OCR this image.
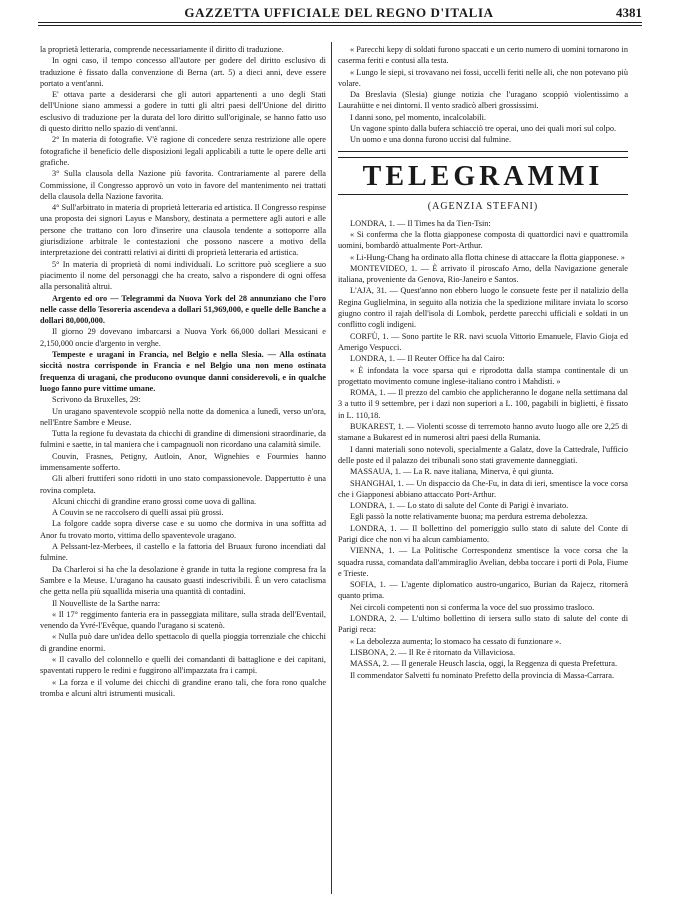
GAZZETTA UFFICIALE DEL REGNO D'ITALIA	4381

la proprietà letteraria, comprende necessariamente il diritto di traduzione.

In ogni caso, il tempo concesso all'autore per godere del diritto esclusivo di traduzione è fissato dalla convenzione di Berna (art. 5) a dieci anni, deve essere portato a vent'anni.

E' ottava parte a desiderarsi che gli autori appartenenti a uno degli Stati dell'Unione siano ammessi a godere in tutti gli altri paesi dell'Unione del diritto esclusivo di traduzione per la durata del loro diritto sull'originale, se hanno fatto uso di questo diritto nello spazio di vent'anni.

2° In materia di fotografie. V'è ragione di concedere senza restrizione alle opere fotografiche il beneficio delle disposizioni legali applicabili a tutte le opere delle arti grafiche.

3° Sulla clausola della Nazione più favorita. Contrariamente al parere della Commissione, il Congresso approvò un voto in favore del mantenimento nei trattati della clausola della Nazione favorita.

4° Sull'arbitrato in materia di proprietà letteraria ed artistica. Il Congresso respinse una proposta dei signori Layus e Mansbory, destinata a permettere agli autori e alle persone che trattano con loro d'inserire una clausola tendente a sottoporre alla giurisdizione arbitrale le contestazioni che possono nascere a motivo della interpretazione dei contratti relativi ai diritti di proprietà letteraria ed artistica.

5° In materia di proprietà di nomi individuali. Lo scrittore può scegliere a suo piacimento il nome del personaggi che ha creato, salvo a rispondere di ogni offesa alla personalità altrui.

Argento ed oro — Telegrammi da Nuova York del 28 annunziano che l'oro nelle casse dello Tesoreria ascendeva a dollari 51,969,000, e quelle delle Banche a dollari 80,000,000.

Il giorno 29 dovevano imbarcarsi a Nuova York 66,000 dollari Messicani e 2,150,000 oncie d'argento in verghe.

Tempeste e uragani in Francia, nel Belgio e nella Slesia. — Alla ostinata siccità nostra corrisponde in Francia e nel Belgio una non meno ostinata frequenza di uragani, che producono ovunque danni considerevoli, e in qualche luogo fanno pure vittime umane.

Scrivono da Bruxelles, 29:

Un uragano spaventevole scoppiò nella notte da domenica a lunedì, verso un'ora, nell'Entre Sambre e Meuse.

Tutta la regione fu devastata da chicchi di grandine di dimensioni straordinarie, da fulmini e saette, in tal maniera che i campagnuoli non ricordano una calamità simile.

Couvin, Frasnes, Petigny, Autloin, Anor, Wignehies e Fourmies hanno immensamente sofferto.

Gli alberi fruttiferi sono ridotti in uno stato compassionevole. Dappertutto è una rovina completa.

Alcuni chicchi di grandine erano grossi come uova di gallina.

A Couvin se ne raccolsero di quelli assai più grossi.

La folgore cadde sopra diverse case e su uomo che dormiva in una soffitta ad Anor fu trovato morto, vittima dello spaventevole uragano.

A Pelssant-lez-Merbees, il castello e la fattoria del Bruaux furono incendiati dal fulmine.

Da Charleroi si ha che la desolazione è grande in tutta la regione compresa fra la Sambre e la Meuse. L'uragano ha causato guasti indescrivibili. È un vero cataclisma che getta nella più squallida miseria una quantità di contadini.

Il Nouvelliste de la Sarthe narra:

« Il 17° reggimento fanteria era in passeggiata militare, sulla strada dell'Eventail, venendo da Yvré-l'Evêque, quando l'uragano si scatenò.

« Nulla può dare un'idea dello spettacolo di quella pioggia torrenziale che chicchi di grandine enormi.

« Il cavallo del colonnello e quelli dei comandanti di battaglione e dei capitani, spaventati ruppero le redini e fuggirono all'impazzata fra i campi.

« La forza e il volume dei chicchi di grandine erano tali, che fora rono qualche tromba e alcuni altri istrumenti musicali.

« Parecchi kepy di soldati furono spaccati e un certo numero di uomini tornarono in caserma feriti e contusi alla testa.

« Lungo le siepi, si trovavano nei fossi, uccelli feriti nelle ali, che non potevano più volare.

Da Breslavia (Slesia) giunge notizia che l'uragano scoppiò violentissimo a Laurahütte e nei dintorni. Il vento sradicò alberi grossissimi.

I danni sono, pel momento, incalcolabili.

Un vagone spinto dalla bufera schiacciò tre operai, uno dei quali morì sul colpo.

Un uomo e una donna furono uccisi dal fulmine.

TELEGRAMMI
(AGENZIA STEFANI)

LONDRA, 1. — Il Times ha da Tien-Tsin:

« Si conferma che la flotta giapponese composta di quattordici navi e quattromila uomini, bombardò attualmente Port-Arthur.

« Li-Hung-Chang ha ordinato alla flotta chinese di attaccare la flotta giapponese. »

MONTEVIDEO, 1. — È arrivato il piroscafo Arno, della Navigazione generale italiana, proveniente da Genova, Rio-Janeiro e Santos.

L'AJA, 31. — Quest'anno non ebbero luogo le consuete feste per il natalizio della Regina Guglielmina, in seguito alla notizia che la spedizione militare inviata lo scorso giugno contro il rajah dell'isola di Lombok, perdette parecchi ufficiali e soldati in un conflitto cogli indigeni.

CORFÙ, 1. — Sono partite le RR. navi scuola Vittorio Emanuele, Flavio Gioja ed Amerigo Vespucci.

LONDRA, 1. — Il Reuter Office ha dal Cairo:

« È infondata la voce sparsa qui e riprodotta dalla stampa continentale di un progettato movimento comune inglese-italiano contro i Mahdisti. »

ROMA, 1. — Il prezzo del cambio che applicheranno le dogane nella settimana dal 3 a tutto il 9 settembre, per i dazi non superiori a L. 100, pagabili in biglietti, è fissato in L. 110,18.

BUKAREST, 1. — Violenti scosse di terremoto hanno avuto luogo alle ore 2,25 di stamane a Bukarest ed in numerosi altri paesi della Rumania.

I danni materiali sono notevoli, specialmente a Galatz, dove la Cattedrale, l'ufficio delle poste ed il palazzo dei tribunali sono stati gravemente danneggiati.

MASSAUA, 1. — La R. nave italiana, Minerva, è qui giunta.

SHANGHAI, 1. — Un dispaccio da Che-Fu, in data di ieri, smentisce la voce corsa che i Giapponesi abbiano attaccato Port-Arthur.

LONDRA, 1. — Lo stato di salute del Conte di Parigi è invariato.

Egli passò la notte relativamente buona; ma perdura estrema debolezza.

LONDRA, 1. — Il bollettino del pomeriggio sullo stato di salute del Conte di Parigi dice che non vi ha alcun cambiamento.

VIENNA, 1. — La Politische Correspondenz smentisce la voce corsa che la squadra russa, comandata dall'ammiraglio Avelian, debba toccare i porti di Pola, Fiume e Trieste.

SOFIA, 1. — L'agente diplomatico austro-ungarico, Burian da Rajecz, ritornerà quanto prima.

Nei circoli competenti non si conferma la voce del suo prossimo traslocо.

LONDRA, 2. — L'ultimo bollettino di iersera sullo stato di salute del conte di Parigi reca:

« La debolezza aumenta; lo stomaco ha cessato di funzionare ».

LISBONA, 2. — Il Re è ritornato da Villaviciosa.

MASSA, 2. — Il generale Heusch lascia, oggi, la Reggenza di questa Prefettura.

Il commendator Salvetti fu nominato Prefetto della provincia di Massa-Carrara.
